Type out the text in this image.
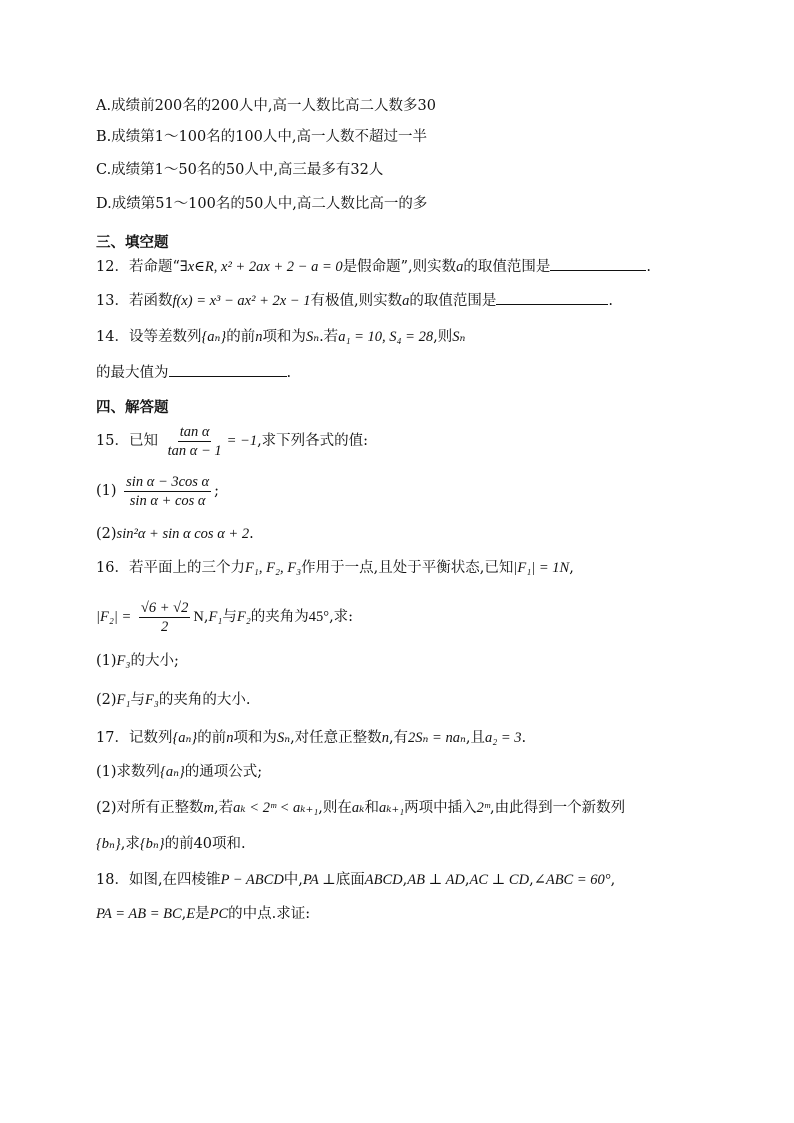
A.成绩前200名的200人中,高一人数比高二人数多30
B.成绩第1～100名的100人中,高一人数不超过一半
C.成绩第1～50名的50人中,高三最多有32人
D.成绩第51～100名的50人中,高二人数比高一的多
三、填空题
12．若命题“∃x∈R, x² + 2ax + 2 − a = 0是假命题”,则实数a的取值范围是	.
13．若函数f(x) = x³ − ax² + 2x − 1有极值,则实数a的取值范围是	.
14．设等差数列{aₙ}的前n项和为Sₙ.若a₁ = 10, S₄ = 28,则Sₙ
的最大值为	.
四、解答题
15．已知 $\frac{\text{tan α}}{\text{tan α − 1}} = -1$,求下列各式的值:
$(1) \frac{\text{sin α − 3cos α}}{\text{sin α + cos α}}$ ;
(2)sin²α + sin α cos α + 2.
16．若平面上的三个力F₁, F₂, F₃作用于一点,且处于平衡状态,已知|F₁| = 1N,
$|F_2| = \frac{√6 + √2}{2} N,F_1$与F₂的夹角为45°,求:
(1)F₃的大小;
(2)F₁与F₃的夹角的大小.
17．记数列{aₙ}的前n项和为Sₙ,对任意正整数n,有2Sₙ = naₙ,且a₂ = 3.
(1)求数列{aₙ}的通项公式;
(2)对所有正整数m,若aₖ < 2ᵐ < aₖ₊₁,则在aₖ和aₖ₊₁两项中插入2ᵐ,由此得到一个新数列
{bₙ},求{bₙ}的前40项和.
18．如图,在四棱锥P − ABCD中,PA ⊥底面ABCD,AB ⊥ AD,AC ⊥ CD,∠ABC = 60°,
PA = AB = BC,E是PC的中点.求证:
